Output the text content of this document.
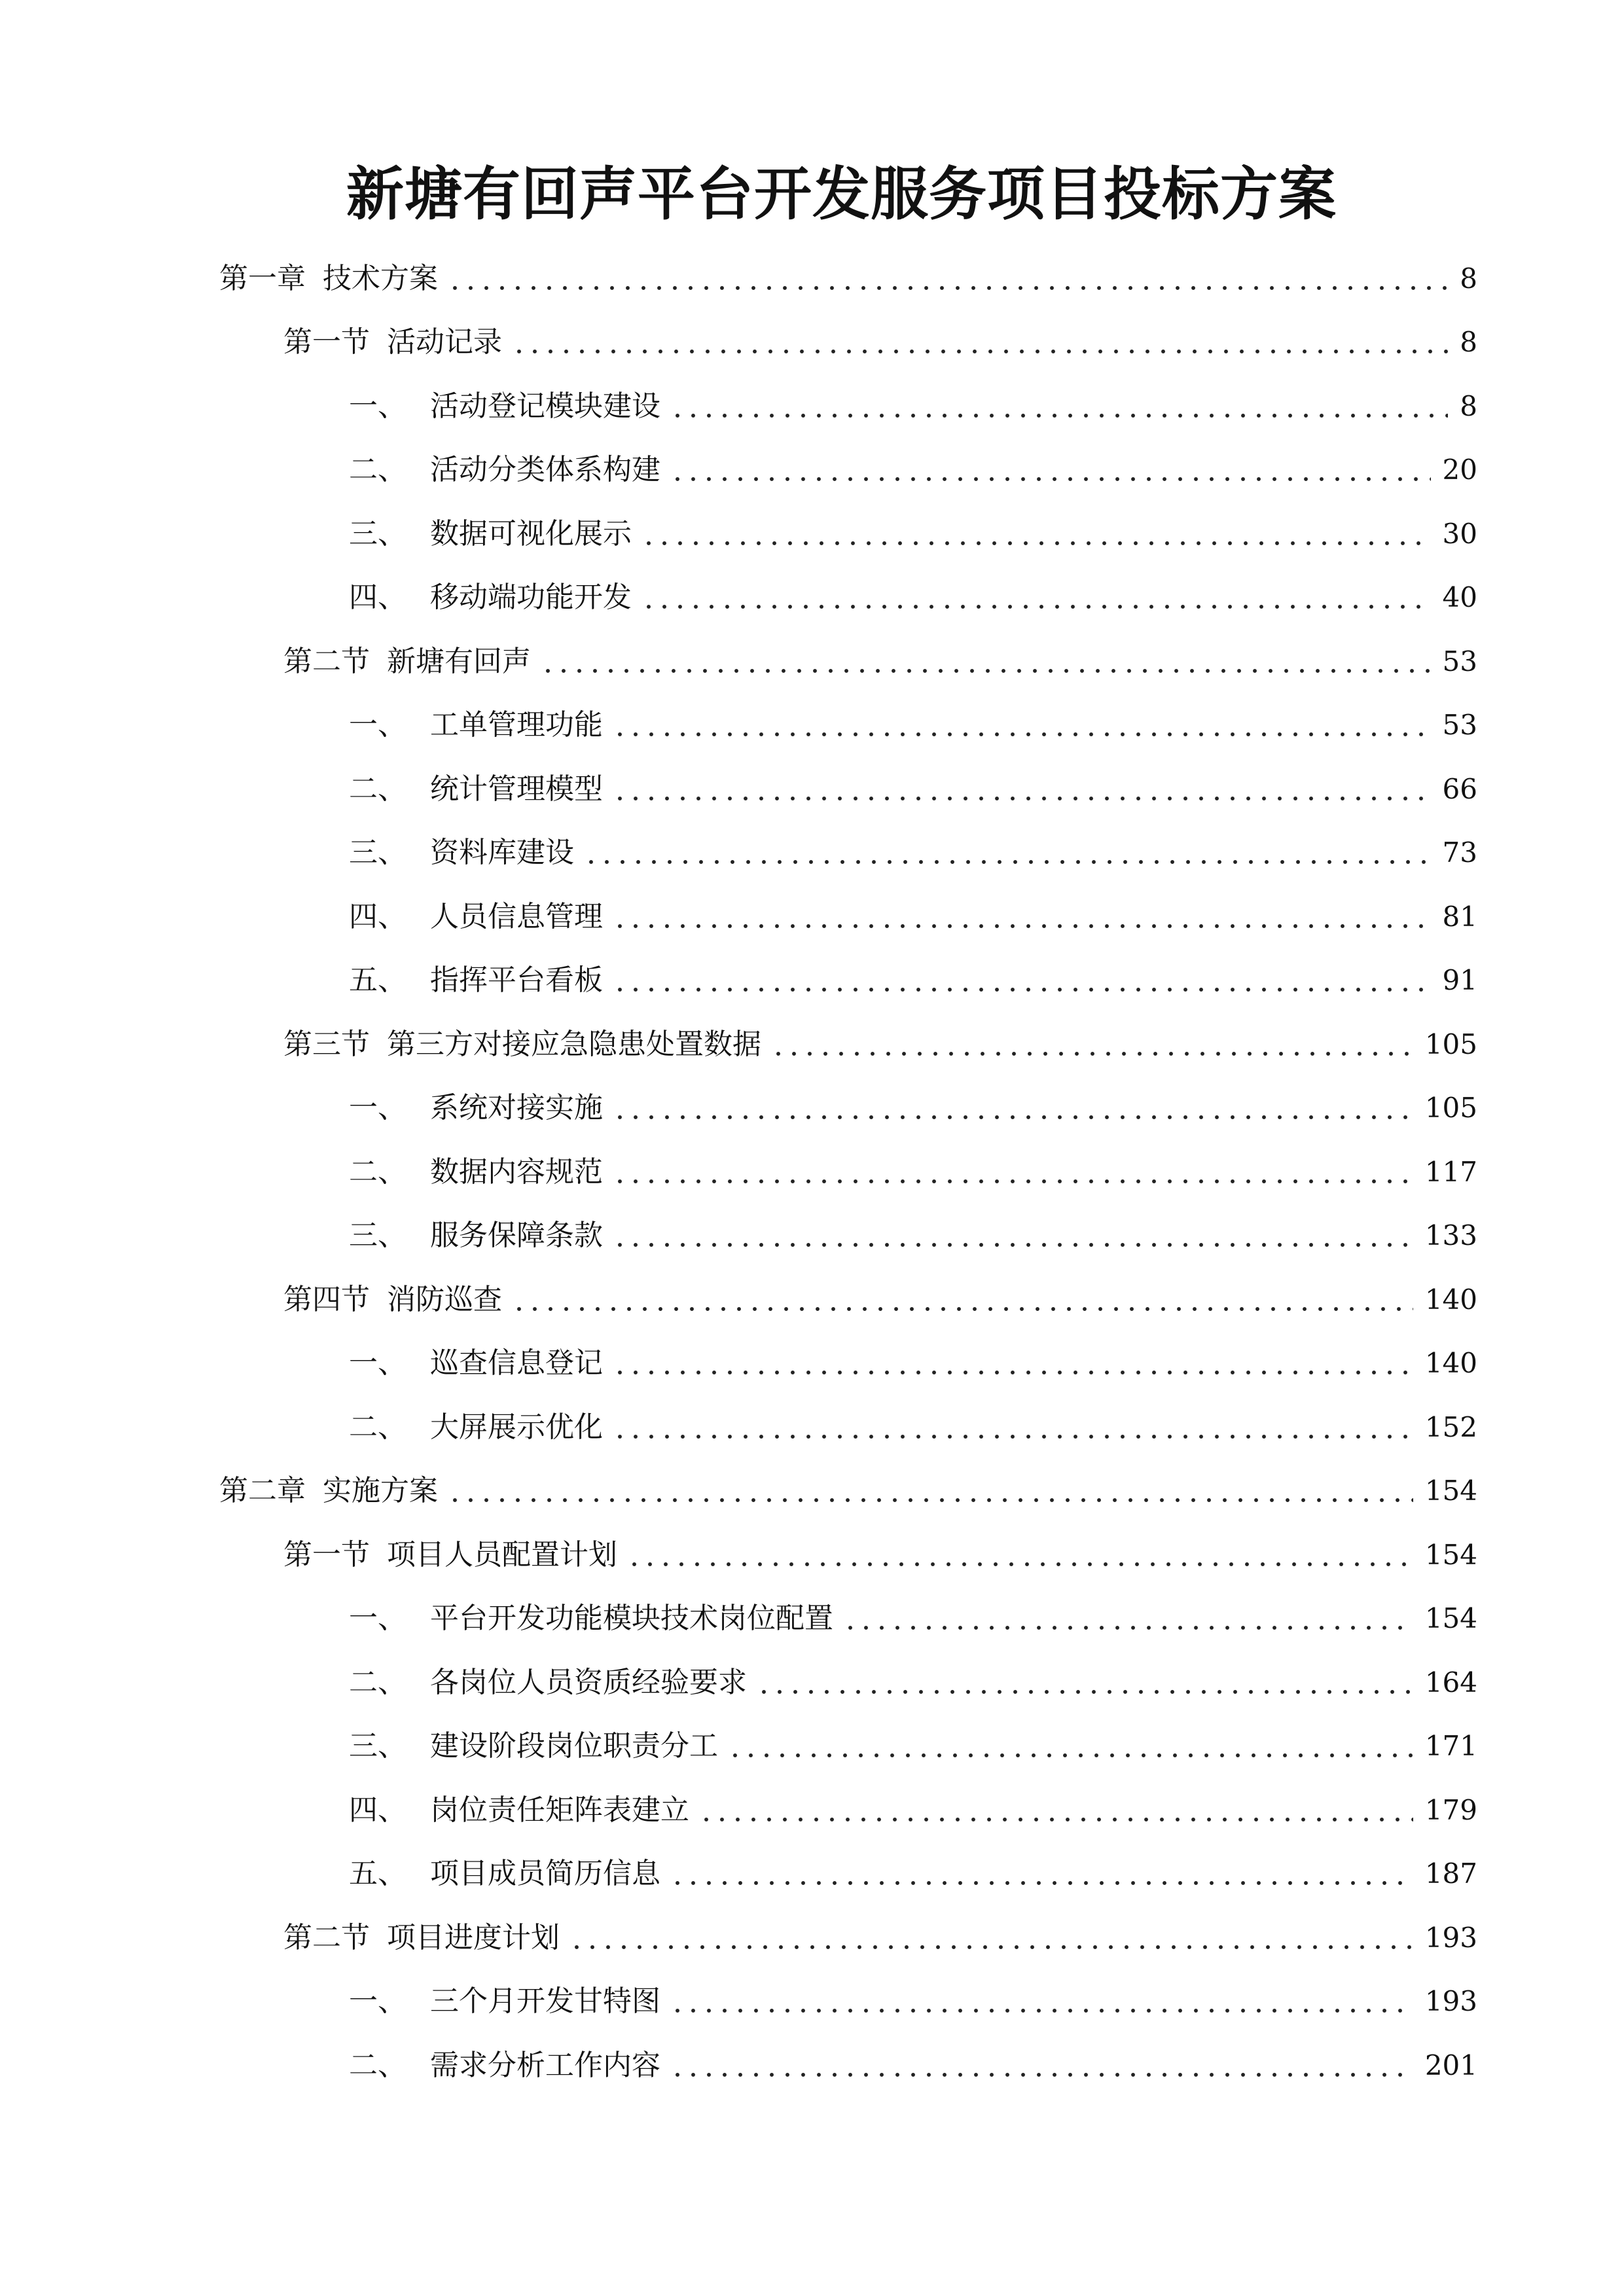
新塘有回声平台开发服务项目投标方案
第一章 技术方案	8
第一节 活动记录	8
一、 活动登记模块建设	8
二、 活动分类体系构建	20
三、 数据可视化展示	30
四、 移动端功能开发	40
第二节 新塘有回声	53
一、 工单管理功能	53
二、 统计管理模型	66
三、 资料库建设	73
四、 人员信息管理	81
五、 指挥平台看板	91
第三节 第三方对接应急隐患处置数据	105
一、 系统对接实施	105
二、 数据内容规范	117
三、 服务保障条款	133
第四节 消防巡查	140
一、 巡查信息登记	140
二、 大屏展示优化	152
第二章 实施方案	154
第一节 项目人员配置计划	154
一、 平台开发功能模块技术岗位配置	154
二、 各岗位人员资质经验要求	164
三、 建设阶段岗位职责分工	171
四、 岗位责任矩阵表建立	179
五、 项目成员简历信息	187
第二节 项目进度计划	193
一、 三个月开发甘特图	193
二、 需求分析工作内容	201
